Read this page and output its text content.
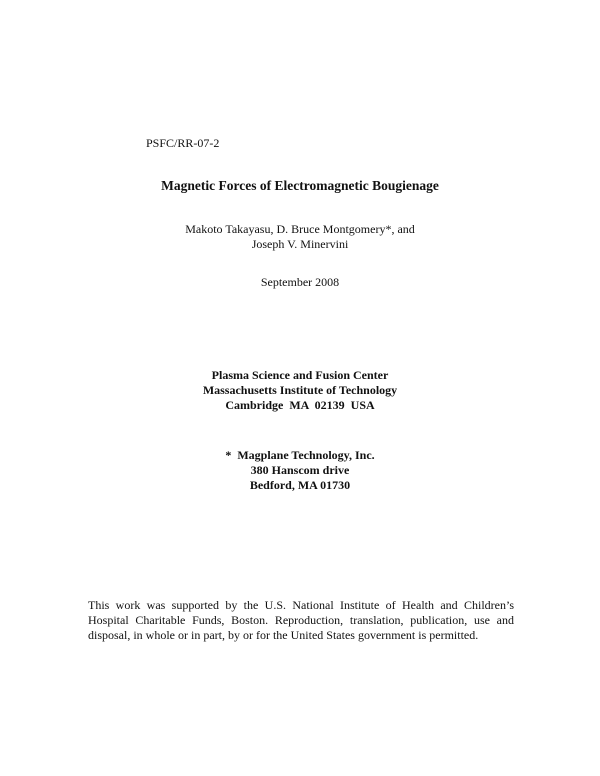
PSFC/RR-07-2
Magnetic Forces of Electromagnetic Bougienage
Makoto Takayasu, D. Bruce Montgomery*, and
Joseph V. Minervini
September 2008
Plasma Science and Fusion Center
Massachusetts Institute of Technology
Cambridge  MA  02139  USA
*  Magplane Technology, Inc.
380 Hanscom drive
Bedford, MA 01730
This work was supported by the U.S. National Institute of Health and Children’s Hospital Charitable Funds, Boston. Reproduction, translation, publication, use and disposal, in whole or in part, by or for the United States government is permitted.
